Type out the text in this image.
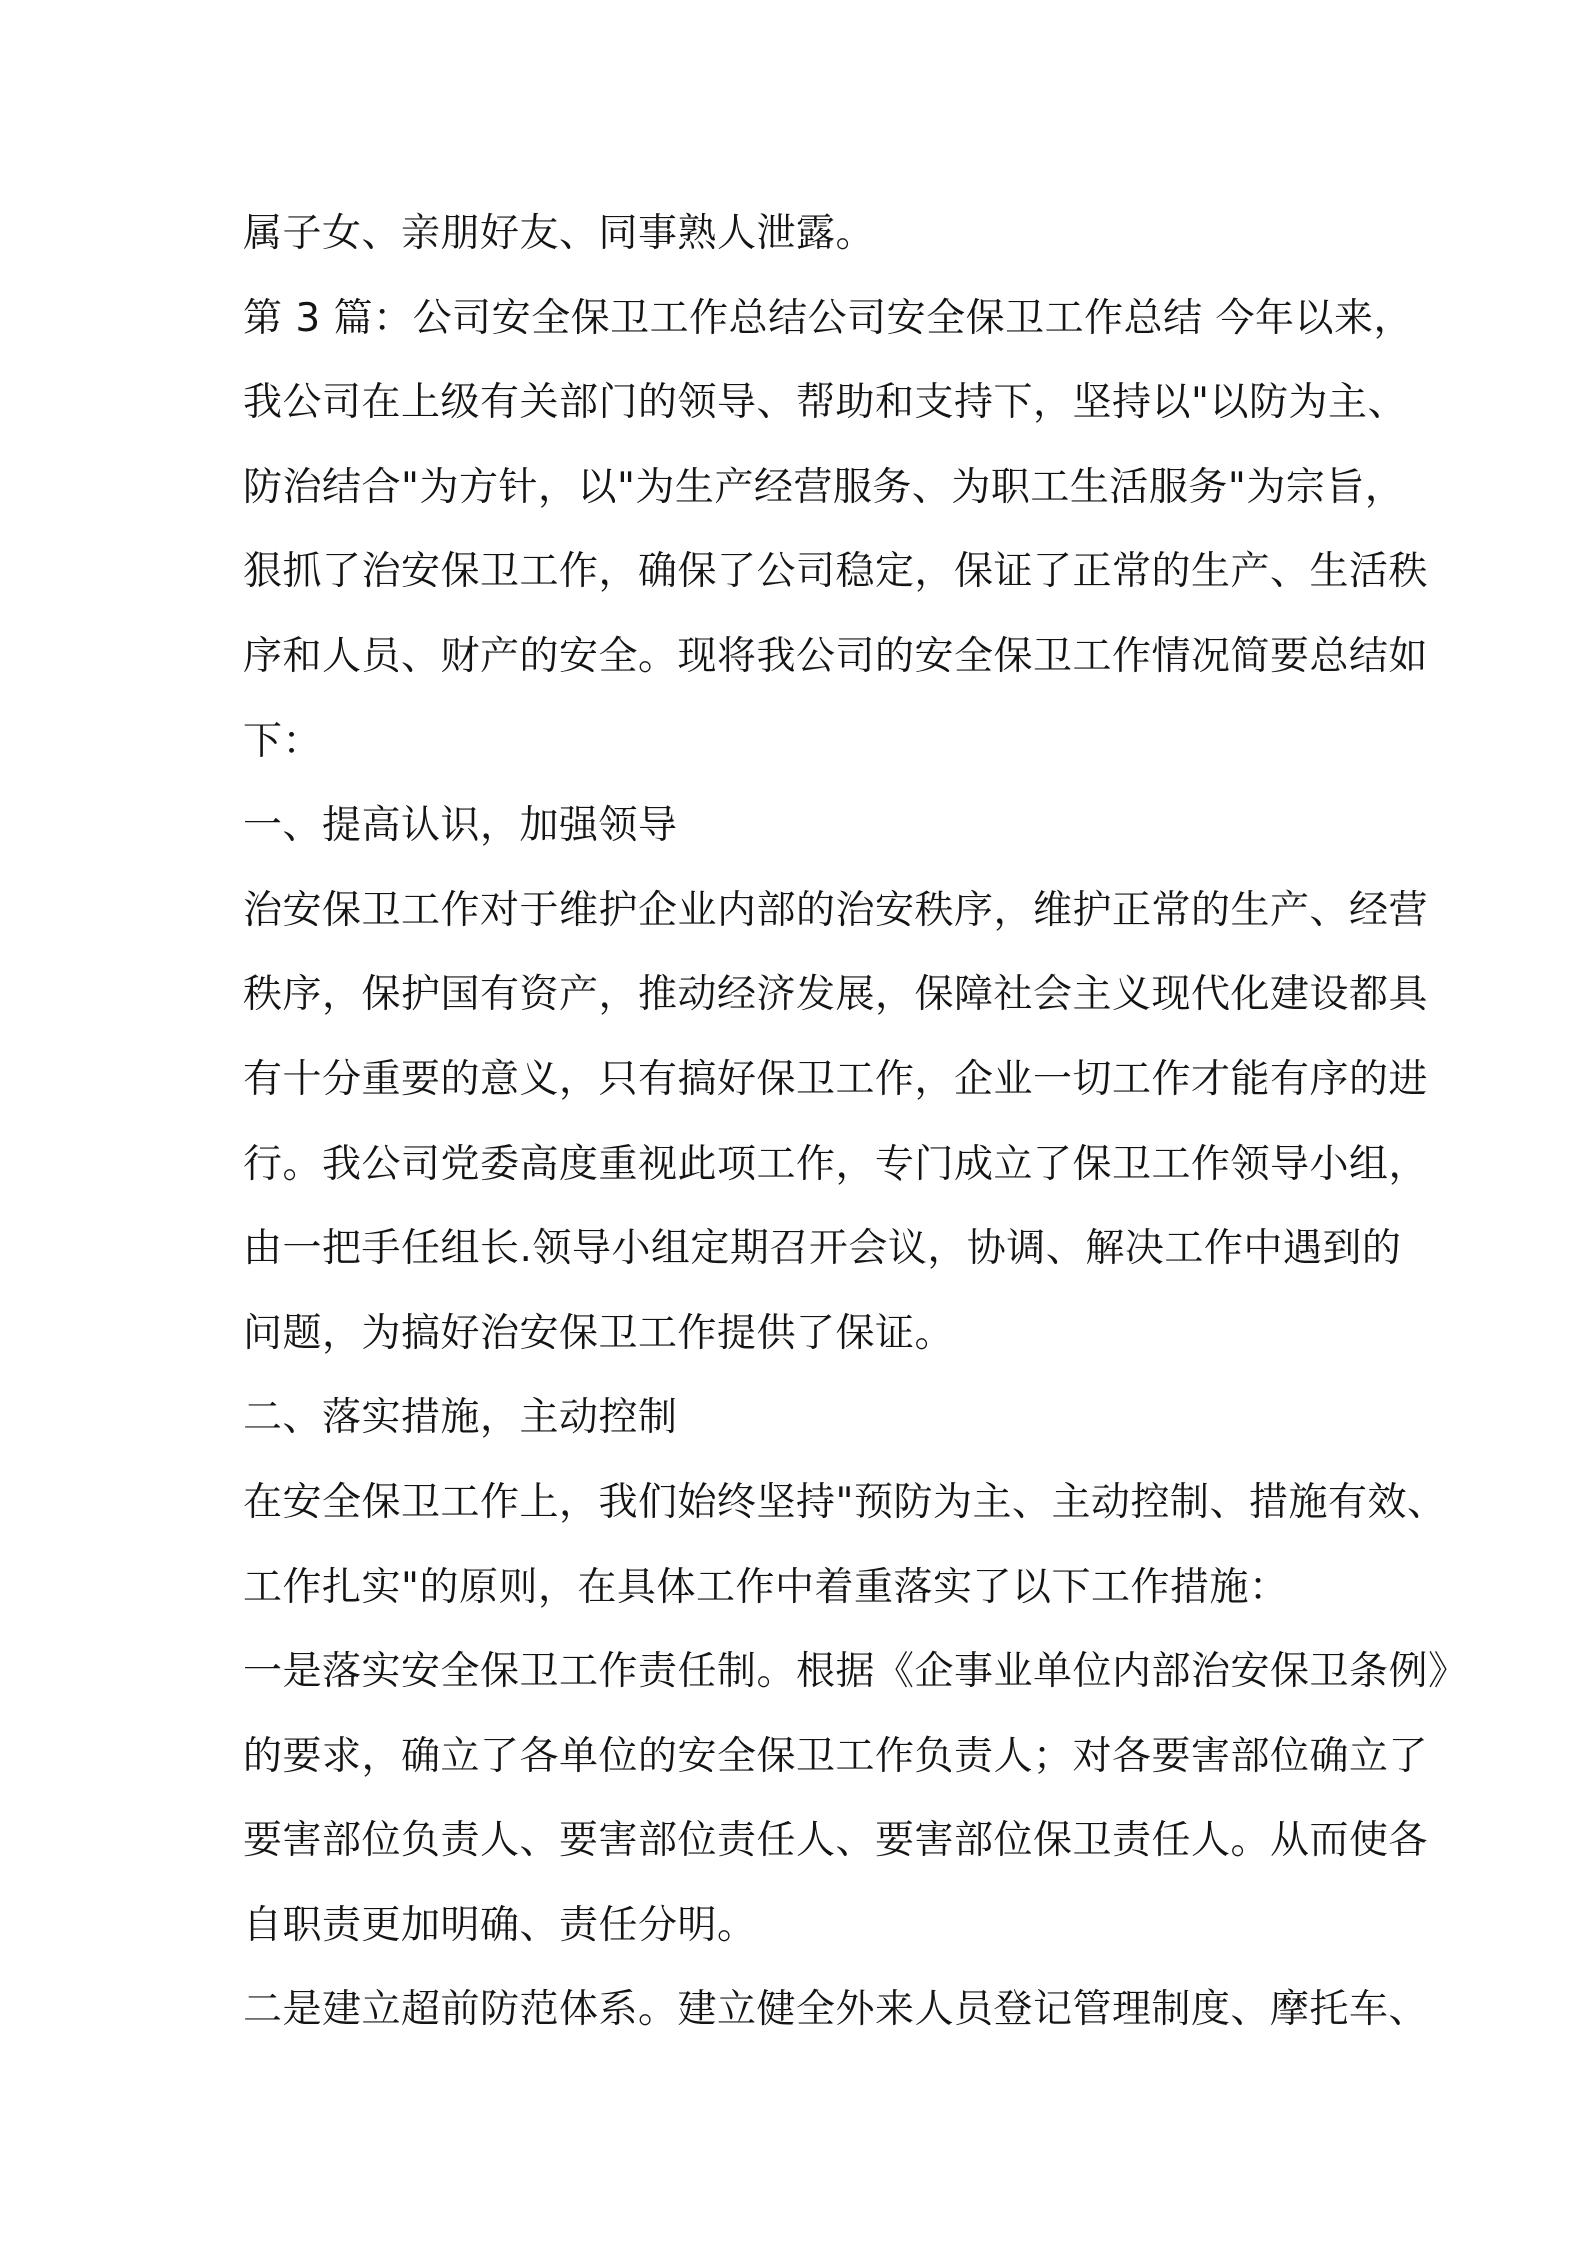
属子女、亲朋好友、同事熟人泄露。
第 3 篇：公司安全保卫工作总结公司安全保卫工作总结 今年以来，
我公司在上级有关部门的领导、帮助和支持下，坚持以"以防为主、
防治结合"为方针，以"为生产经营服务、为职工生活服务"为宗旨，
狠抓了治安保卫工作，确保了公司稳定，保证了正常的生产、生活秩
序和人员、财产的安全。现将我公司的安全保卫工作情况简要总结如
下：
一、提高认识，加强领导
治安保卫工作对于维护企业内部的治安秩序，维护正常的生产、经营
秩序，保护国有资产，推动经济发展，保障社会主义现代化建设都具
有十分重要的意义，只有搞好保卫工作，企业一切工作才能有序的进
行。我公司党委高度重视此项工作，专门成立了保卫工作领导小组，
由一把手任组长.领导小组定期召开会议，协调、解决工作中遇到的
问题，为搞好治安保卫工作提供了保证。
二、落实措施，主动控制
在安全保卫工作上，我们始终坚持"预防为主、主动控制、措施有效、
工作扎实"的原则，在具体工作中着重落实了以下工作措施：
一是落实安全保卫工作责任制。根据《企事业单位内部治安保卫条例》
的要求，确立了各单位的安全保卫工作负责人；对各要害部位确立了
要害部位负责人、要害部位责任人、要害部位保卫责任人。从而使各
自职责更加明确、责任分明。
二是建立超前防范体系。建立健全外来人员登记管理制度、摩托车、
